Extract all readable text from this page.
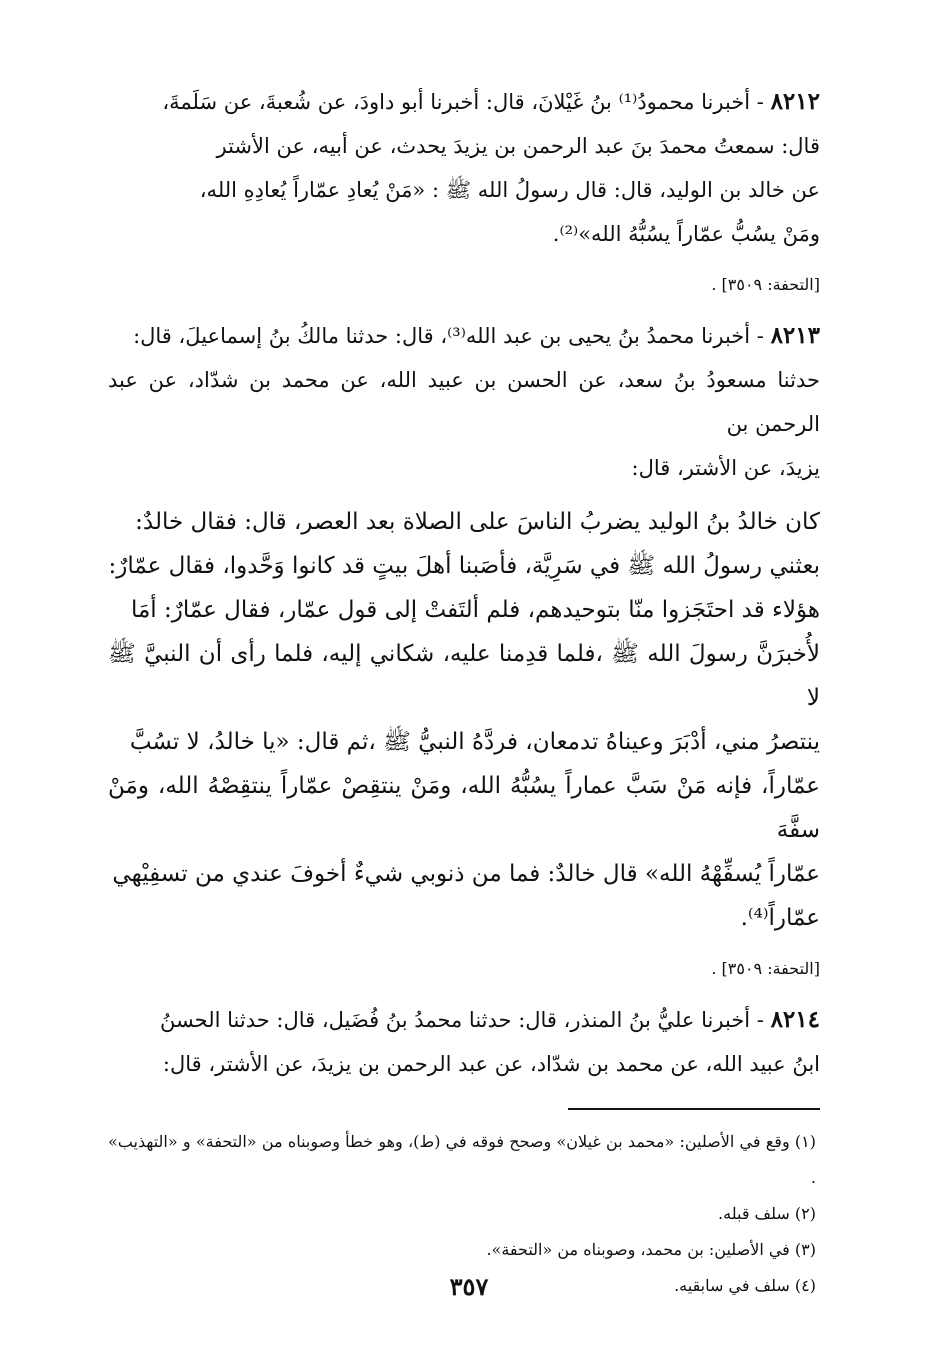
٨٢١٢ - أخبرنا محمودُ⁽¹⁾ بنُ غَيْلانَ، قال: أخبرنا أبو داودَ، عن شُعبةَ، عن سَلَمةَ،

قال: سمعتُ محمدَ بنَ عبد الرحمن بن يزيدَ يحدث، عن أبيه، عن الأشتر

عن خالد بن الوليد، قال: قال رسولُ الله ﷺ : «مَنْ يُعادِ عمّاراً يُعادِهِ الله،

ومَنْ يسُبُّ عمّاراً يسُبُّهُ الله»⁽²⁾.

[التحفة: ٣٥٠٩] .

٨٢١٣ - أخبرنا محمدُ بنُ يحيى بن عبد الله⁽³⁾، قال: حدثنا مالكُ بنُ إسماعيلَ، قال:

حدثنا مسعودُ بنُ سعد، عن الحسن بن عبيد الله، عن محمد بن شدّاد، عن عبد الرحمن بن

يزيدَ، عن الأشتر، قال:

كان خالدُ بنُ الوليد يضربُ الناسَ على الصلاة بعد العصر، قال: فقال خالدٌ:
بعثني رسولُ الله ﷺ في سَرِيَّة، فأصَبنا أهلَ بيتٍ قد كانوا وَحَّدوا، فقال عمّارٌ:
هؤلاء قد احتَجَزوا منّا بتوحيدهم، فلم ألتَفتْ إلى قول عمّار، فقال عمّارٌ: أمَا
لأُخبرَنَّ رسولَ الله ﷺ ،فلما قدِمنا عليه، شكاني إليه، فلما رأى أن النبيَّ ﷺ لا
ينتصرُ مني، أدْبَرَ وعيناهُ تدمعان، فردَّهُ النبيُّ ﷺ ،ثم قال: «يا خالدُ، لا تسُبَّ
عمّاراً، فإنه مَنْ سَبَّ عماراً يسُبُّهُ الله، ومَنْ ينتقِصْ عمّاراً ينتقِصْهُ الله، ومَنْ سفَّهَ
عمّاراً يُسفِّهْهُ الله» قال خالدٌ: فما من ذنوبي شيءٌ أخوفَ عندي من تسفِيْهي
عمّاراً⁽⁴⁾.

[التحفة: ٣٥٠٩] .

٨٢١٤ - أخبرنا عليُّ بنُ المنذر، قال: حدثنا محمدُ بنُ فُضَيل، قال: حدثنا الحسنُ

ابنُ عبيد الله، عن محمد بن شدّاد، عن عبد الرحمن بن يزيدَ، عن الأشتر، قال:

(١) وقع في الأصلين: «محمد بن غيلان» وصحح فوقه في (ط)، وهو خطأ وصوبناه من «التحفة» و «التهذيب» .

(٢) سلف قبله.

(٣) في الأصلين: بن محمد، وصوبناه من «التحفة».

(٤) سلف في سابقيه.

٣٥٧
